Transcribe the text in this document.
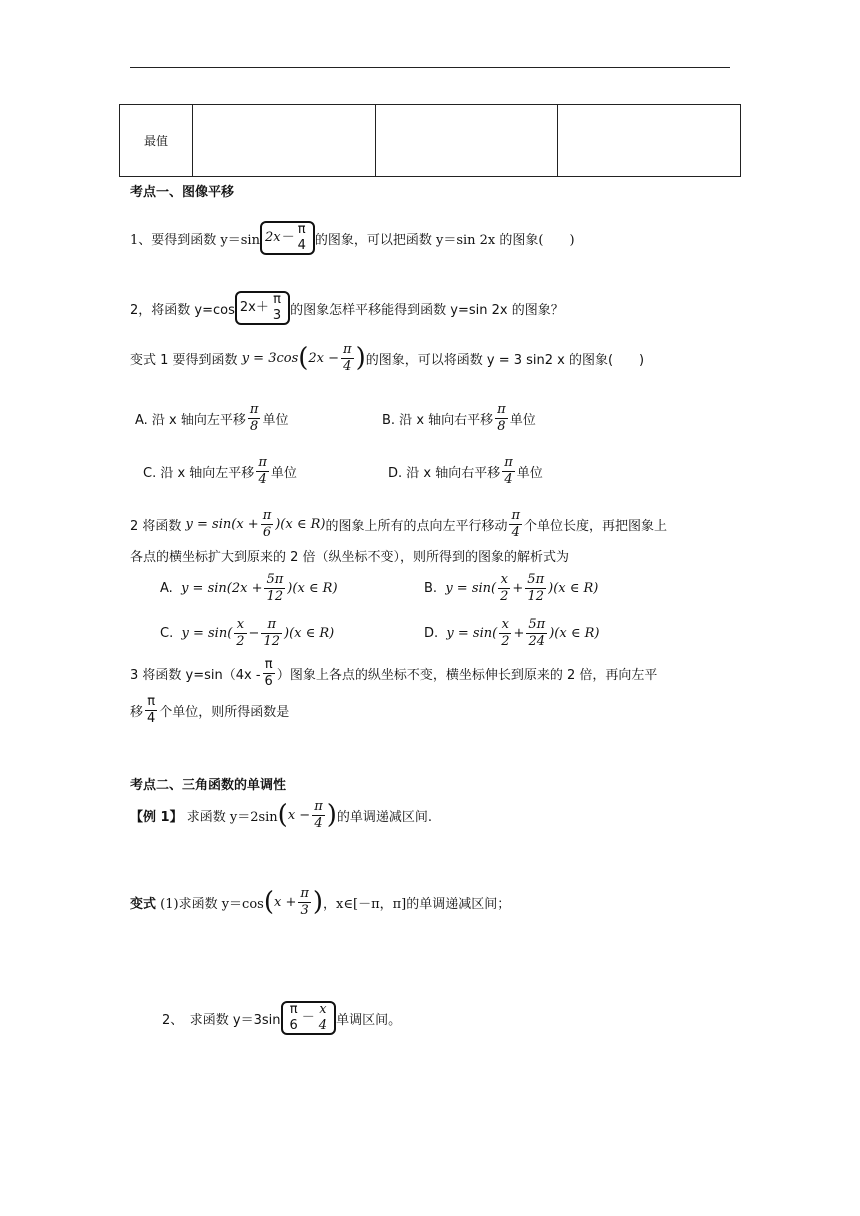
最值			
考点一、图像平移
1、要得到函数 y＝sin 2x－
π
4 的图象，可以把函数 y＝sin 2x 的图象(　　)
2，将函数 y=cos 2x＋
π
3 的图象怎样平移能得到函数 y=sin 2x 的图象？
变式 1 要得到函数
y = 3cos ( $2x - \frac{\pi}{4}$ ) 的图象，可以将函数 y = 3 sin2 x 的图象(　　)
A. 沿 x 轴向左平移 $\frac{\pi}{8}$ 单位	B. 沿 x 轴向右平移 $\frac{\pi}{8}$ 单位
C. 沿 x 轴向左平移 $\frac{\pi}{4}$ 单位	D. 沿 x 轴向右平移 $\frac{\pi}{4}$ 单位
2 将函数
$y = \sin(x + \frac{\pi}{6} )(x$ ∈ R) 的图象上所有的点向左平行移动 $\frac{\pi}{4}$ 个单位长度，再把图象上
各点的横坐标扩大到原来的 2 倍（纵坐标不变），则所得到的图象的解析式为
A.
$y = \sin(2x + \frac{5\pi}{12} )(x$ ∈ R)	B.
$y = \sin( \frac{x}{2} + \frac{5\pi}{12} )(x$ ∈ R)
C.
$y = \sin( \frac{x}{2} - \frac{\pi}{12} )(x$ ∈ R)	D.
$y = \sin( \frac{x}{2} + \frac{5\pi}{24} )(x$ ∈ R)
3 将函数 $y=\sin(4x - \frac{\pi}{6}$ ）图象上各点的纵坐标不变，横坐标伸长到原来的 2 倍，再向左平
移 $\frac{\pi}{4}$ 个单位，则所得函数是
考点二、三角函数的单调性
【例 1】
求函数 y＝2sin ( $x - \frac{\pi}{4}$ ) 的单调递减区间.
变式
(1)求函数 y＝cos ( $x + \frac{\pi}{3}$ ) ，x∈[－π，π]的单调递减区间；
2、　求函数 y＝3sin
π
6 －
x
4 单调区间。
